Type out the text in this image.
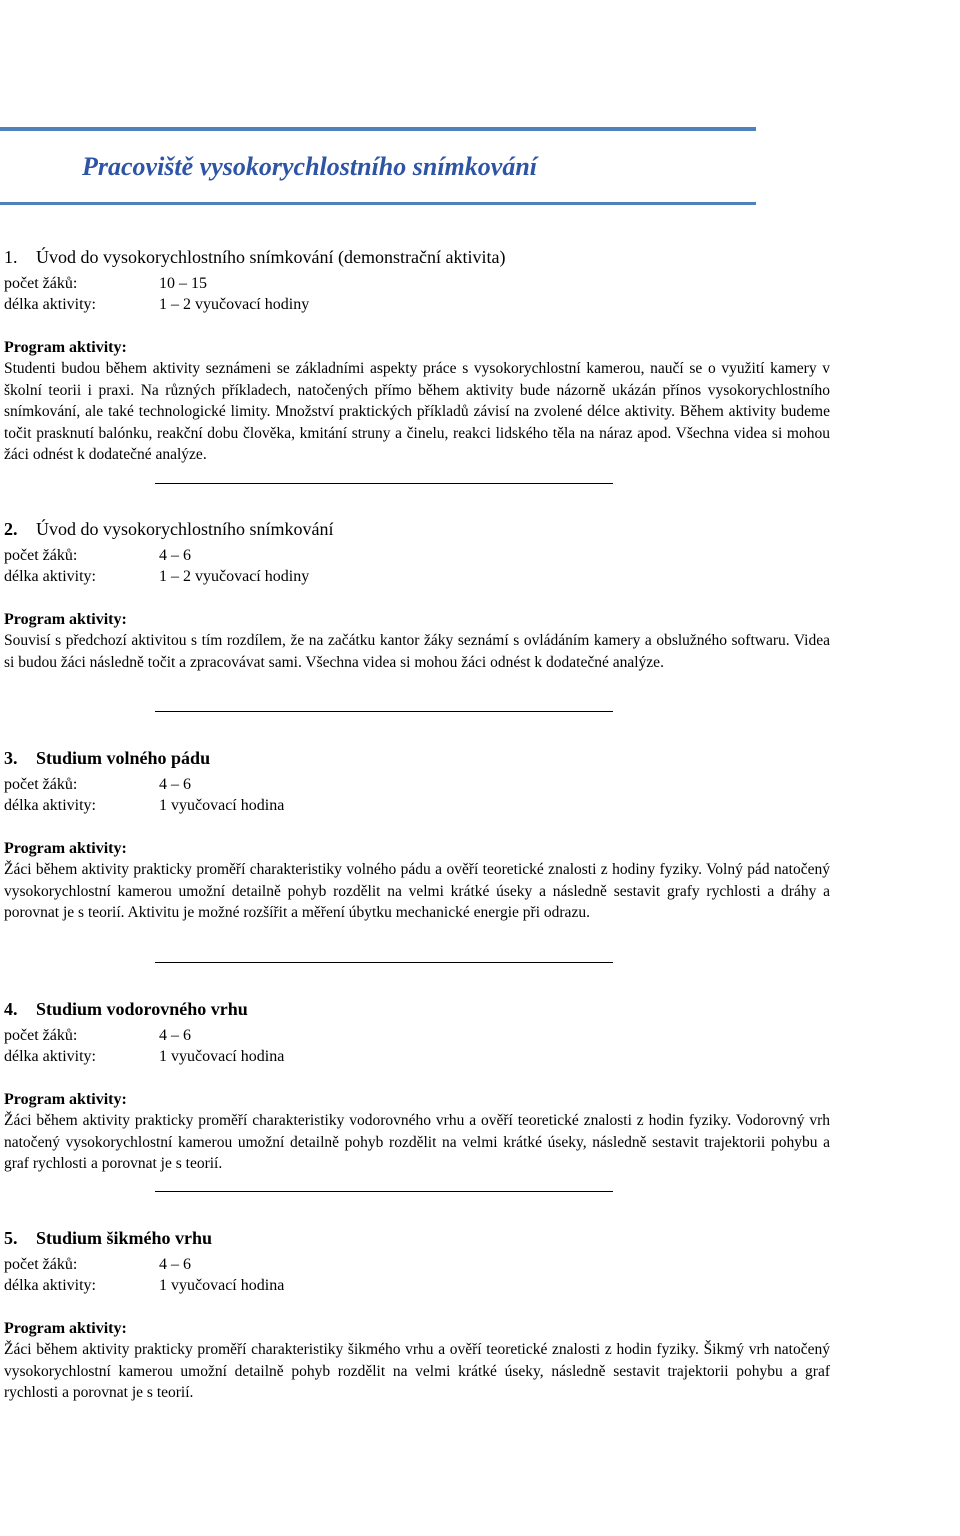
Pracoviště vysokorychlostního snímkování
1. Úvod do vysokorychlostního snímkování (demonstrační aktivita)
počet žáků:	10 – 15
délka aktivity:	1 – 2 vyučovací hodiny
Program aktivity:
Studenti budou během aktivity seznámeni se základními aspekty práce s vysokorychlostní kamerou, naučí se o využití kamery v školní teorii i praxi. Na různých příkladech, natočených přímo během aktivity bude názorně ukázán přínos vysokorychlostního snímkování, ale také technologické limity. Množství praktických příkladů závisí na zvolené délce aktivity. Během aktivity budeme točit prasknutí balónku, reakční dobu člověka, kmitání struny a činelu, reakci lidského těla na náraz apod. Všechna videa si mohou žáci odnést k dodatečné analýze.
2. Úvod do vysokorychlostního snímkování
počet žáků:	4 – 6
délka aktivity:	1 – 2 vyučovací hodiny
Program aktivity:
Souvisí s předchozí aktivitou s tím rozdílem, že na začátku kantor žáky seznámí s ovládáním kamery a obslužného softwaru. Videa si budou žáci následně točit a zpracovávat sami. Všechna videa si mohou žáci odnést k dodatečné analýze.
3. Studium volného pádu
počet žáků:	4 – 6
délka aktivity:	1 vyučovací hodina
Program aktivity:
Žáci během aktivity prakticky proměří charakteristiky volného pádu a ověří teoretické znalosti z hodiny fyziky. Volný pád natočený vysokorychlostní kamerou umožní detailně pohyb rozdělit na velmi krátké úseky a následně sestavit grafy rychlosti a dráhy a porovnat je s teorií. Aktivitu je možné rozšířit a měření úbytku mechanické energie při odrazu.
4. Studium vodorovného vrhu
počet žáků:	4 – 6
délka aktivity:	1 vyučovací hodina
Program aktivity:
Žáci během aktivity prakticky proměří charakteristiky vodorovného vrhu a ověří teoretické znalosti z hodin fyziky. Vodorovný vrh natočený vysokorychlostní kamerou umožní detailně pohyb rozdělit na velmi krátké úseky, následně sestavit trajektorii pohybu a graf rychlosti a porovnat je s teorií.
5. Studium šikmého vrhu
počet žáků:	4 – 6
délka aktivity:	1 vyučovací hodina
Program aktivity:
Žáci během aktivity prakticky proměří charakteristiky šikmého vrhu a ověří teoretické znalosti z hodin fyziky. Šikmý vrh natočený vysokorychlostní kamerou umožní detailně pohyb rozdělit na velmi krátké úseky, následně sestavit trajektorii pohybu a graf rychlosti a porovnat je s teorií.
